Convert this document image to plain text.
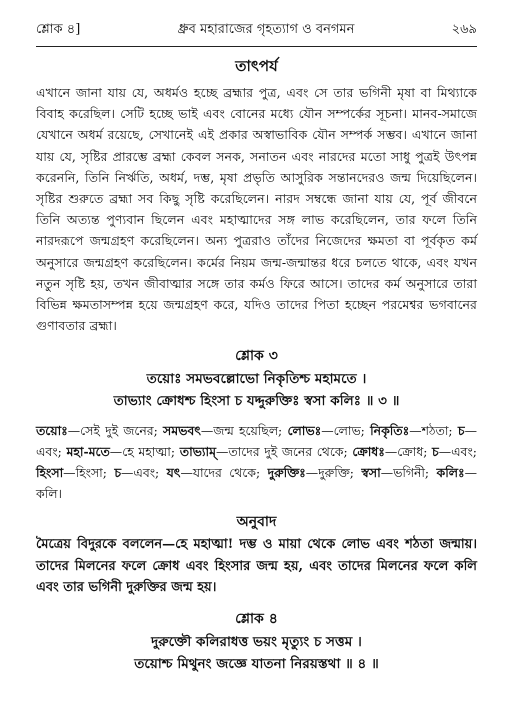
শ্লোক ৪]	ধ্রুব মহারাজের গৃহত্যাগ ও বনগমন	২৬৯
তাৎপর্য

এখানে জানা যায় যে, অধর্মও হচ্ছে ব্রহ্মার পুত্র, এবং সে তার ভগিনী মৃষা বা মিথ্যাকে বিবাহ করেছিল। সেটি হচ্ছে ভাই এবং বোনের মধ্যে যৌন সম্পর্কের সূচনা। মানব-সমাজে যেখানে অধর্ম রয়েছে, সেখানেই এই প্রকার অস্বাভাবিক যৌন সম্পর্ক সম্ভব। এখানে জানা যায় যে, সৃষ্টির প্রারম্ভে ব্রহ্মা কেবল সনক, সনাতন এবং নারদের মতো সাধু পুত্রই উৎপন্ন করেননি, তিনি নির্ঋতি, অধর্ম, দম্ভ, মৃষা প্রভৃতি আসুরিক সন্তানদেরও জন্ম দিয়েছিলেন। সৃষ্টির শুরুতে ব্রহ্মা সব কিছু সৃষ্টি করেছিলেন। নারদ সম্বন্ধে জানা যায় যে, পূর্ব জীবনে তিনি অত্যন্ত পুণ্যবান ছিলেন এবং মহাত্মাদের সঙ্গ লাভ করেছিলেন, তার ফলে তিনি নারদরূপে জন্মগ্রহণ করেছিলেন। অন্য পুত্ররাও তাঁদের নিজেদের ক্ষমতা বা পূর্বকৃত কর্ম অনুসারে জন্মগ্রহণ করেছিলেন। কর্মের নিয়ম জন্ম-জন্মান্তর ধরে চলতে থাকে, এবং যখন নতুন সৃষ্টি হয়, তখন জীবাত্মার সঙ্গে তার কর্মও ফিরে আসে। তাদের কর্ম অনুসারে তারা বিভিন্ন ক্ষমতাসম্পন্ন হয়ে জন্মগ্রহণ করে, যদিও তাদের পিতা হচ্ছেন পরমেশ্বর ভগবানের গুণাবতার ব্রহ্মা।

শ্লোক ৩

তয়োঃ সমভবল্লোভো নিকৃতিশ্চ মহামতে ।

তাভ্যাং ক্রোধশ্চ হিংসা চ যদ্দুরুক্তিঃ স্বসা কলিঃ ॥ ৩ ॥

তয়োঃ—সেই দুই জনের; সমভবৎ—জন্ম হয়েছিল; লোভঃ—লোভ; নিকৃতিঃ—শঠতা; চ—এবং; মহা-মতে—হে মহাত্মা; তাভ্যাম্—তাদের দুই জনের থেকে; ক্রোধঃ—ক্রোধ; চ—এবং; হিংসা—হিংসা; চ—এবং; যৎ—যাদের থেকে; দুরুক্তিঃ—দুরুক্তি; স্বসা—ভগিনী; কলিঃ—কলি।

অনুবাদ

মৈত্রেয় বিদুরকে বললেন—হে মহাত্মা! দম্ভ ও মায়া থেকে লোভ এবং শঠতা জন্মায়। তাদের মিলনের ফলে ক্রোধ এবং হিংসার জন্ম হয়, এবং তাদের মিলনের ফলে কলি এবং তার ভগিনী দুরুক্তির জন্ম হয়।

শ্লোক ৪

দুরুক্তৌ কলিরাধত্ত ভয়ং মৃত্যুং চ সত্তম ।

তয়োশ্চ মিথুনং জজ্ঞে যাতনা নিরয়স্তথা ॥ ৪ ॥
